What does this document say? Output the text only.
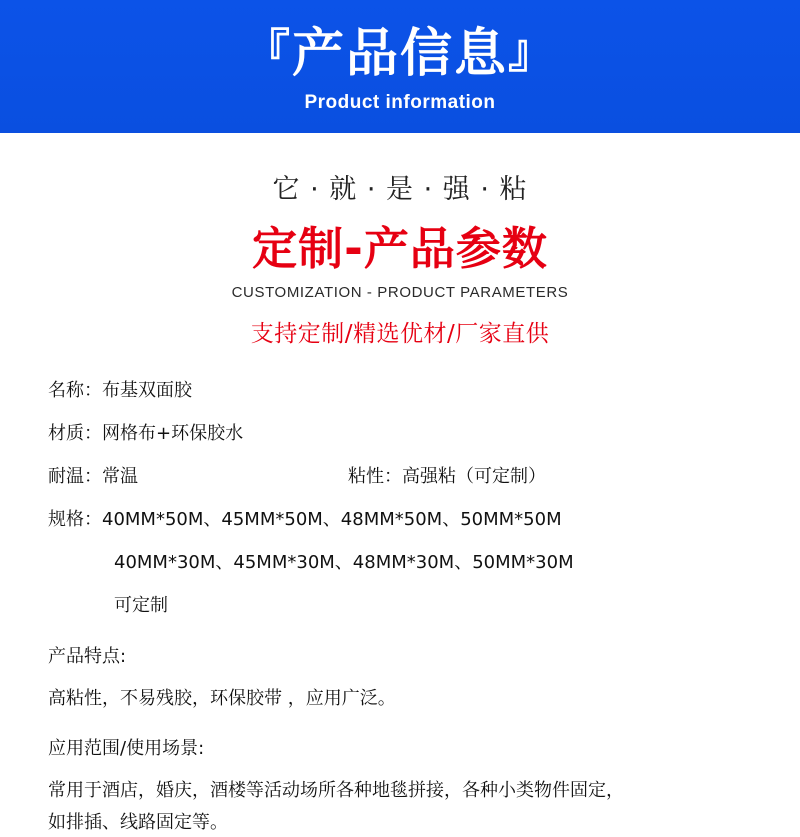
『产品信息』
Product information
它 · 就 · 是 · 强 · 粘
定制-产品参数
CUSTOMIZATION - PRODUCT PARAMETERS
支持定制/精选优材/厂家直供
名称： 布基双面胶
材质： 网格布+环保胶水
耐温： 常温	粘性： 高强粘（可定制）
规格： 40MM*50M、45MM*50M、48MM*50M、50MM*50M
40MM*30M、45MM*30M、48MM*30M、50MM*30M
可定制
产品特点:
高粘性，不易残胶，环保胶带 ，应用广泛。
应用范围/使用场景:
常用于酒店，婚庆，酒楼等活动场所各种地毯拼接，各种小类物件固定，
如排插、线路固定等。
